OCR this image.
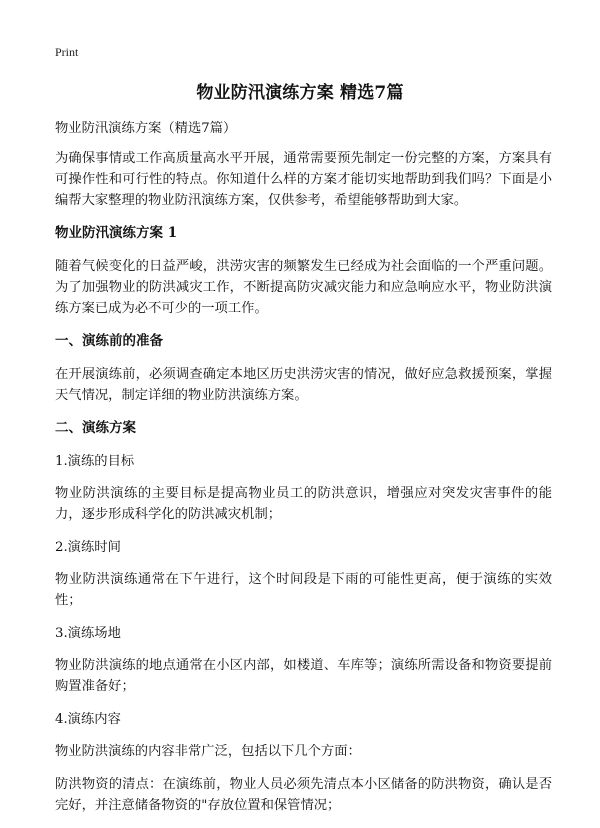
Print
物业防汛演练方案 精选7篇

物业防汛演练方案（精选7篇）

为确保事情或工作高质量高水平开展，通常需要预先制定一份完整的方案，方案具有可操作性和可行性的特点。你知道什么样的方案才能切实地帮助到我们吗？下面是小编帮大家整理的物业防汛演练方案，仅供参考，希望能够帮助到大家。

物业防汛演练方案 1

随着气候变化的日益严峻，洪涝灾害的频繁发生已经成为社会面临的一个严重问题。为了加强物业的防洪减灾工作，不断提高防灾减灾能力和应急响应水平，物业防洪演练方案已成为必不可少的一项工作。

一、演练前的准备

在开展演练前，必须调查确定本地区历史洪涝灾害的情况，做好应急救援预案，掌握天气情况，制定详细的物业防洪演练方案。

二、演练方案

1.演练的目标

物业防洪演练的主要目标是提高物业员工的防洪意识，增强应对突发灾害事件的能力，逐步形成科学化的防洪减灾机制；

2.演练时间

物业防洪演练通常在下午进行，这个时间段是下雨的可能性更高，便于演练的实效性；

3.演练场地

物业防洪演练的地点通常在小区内部，如楼道、车库等；演练所需设备和物资要提前购置准备好；

4.演练内容

物业防洪演练的内容非常广泛，包括以下几个方面：

防洪物资的清点：在演练前，物业人员必须先清点本小区储备的防洪物资，确认是否完好，并注意储备物资的"存放位置和保管情况；
